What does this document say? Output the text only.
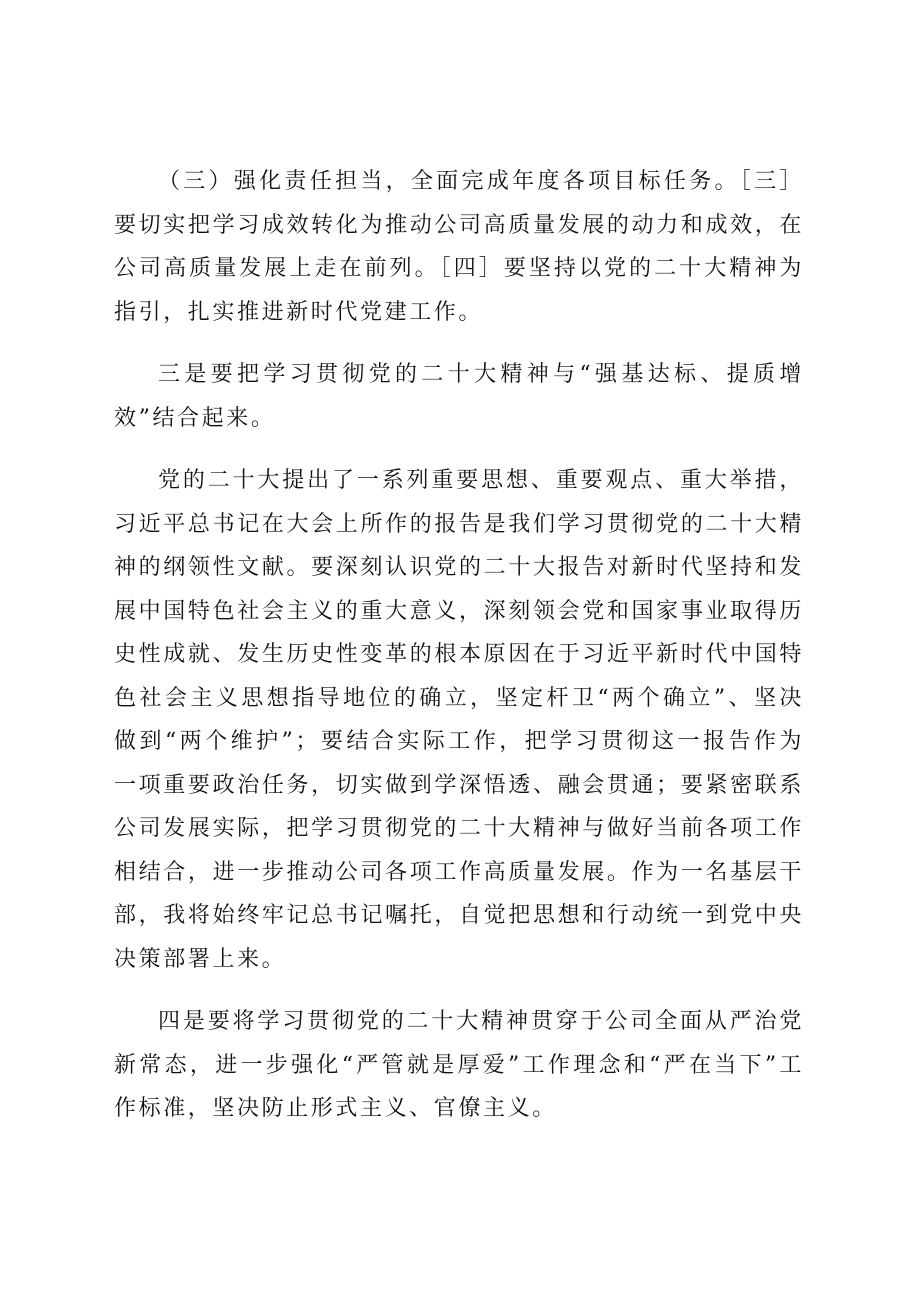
（三）强化责任担当，全面完成年度各项目标任务。［三］要切实把学习成效转化为推动公司高质量发展的动力和成效，在公司高质量发展上走在前列。［四］要坚持以党的二十大精神为指引，扎实推进新时代党建工作。

三是要把学习贯彻党的二十大精神与“强基达标、提质增效”结合起来。

党的二十大提出了一系列重要思想、重要观点、重大举措，习近平总书记在大会上所作的报告是我们学习贯彻党的二十大精神的纲领性文献。要深刻认识党的二十大报告对新时代坚持和发展中国特色社会主义的重大意义，深刻领会党和国家事业取得历史性成就、发生历史性变革的根本原因在于习近平新时代中国特色社会主义思想指导地位的确立，坚定杆卫“两个确立”、坚决做到“两个维护”；要结合实际工作，把学习贯彻这一报告作为一项重要政治任务，切实做到学深悟透、融会贯通；要紧密联系公司发展实际，把学习贯彻党的二十大精神与做好当前各项工作相结合，进一步推动公司各项工作高质量发展。作为一名基层干部，我将始终牢记总书记嘱托，自觉把思想和行动统一到党中央决策部署上来。

四是要将学习贯彻党的二十大精神贯穿于公司全面从严治党新常态，进一步强化“严管就是厚爱”工作理念和“严在当下”工作标准，坚决防止形式主义、官僚主义。
